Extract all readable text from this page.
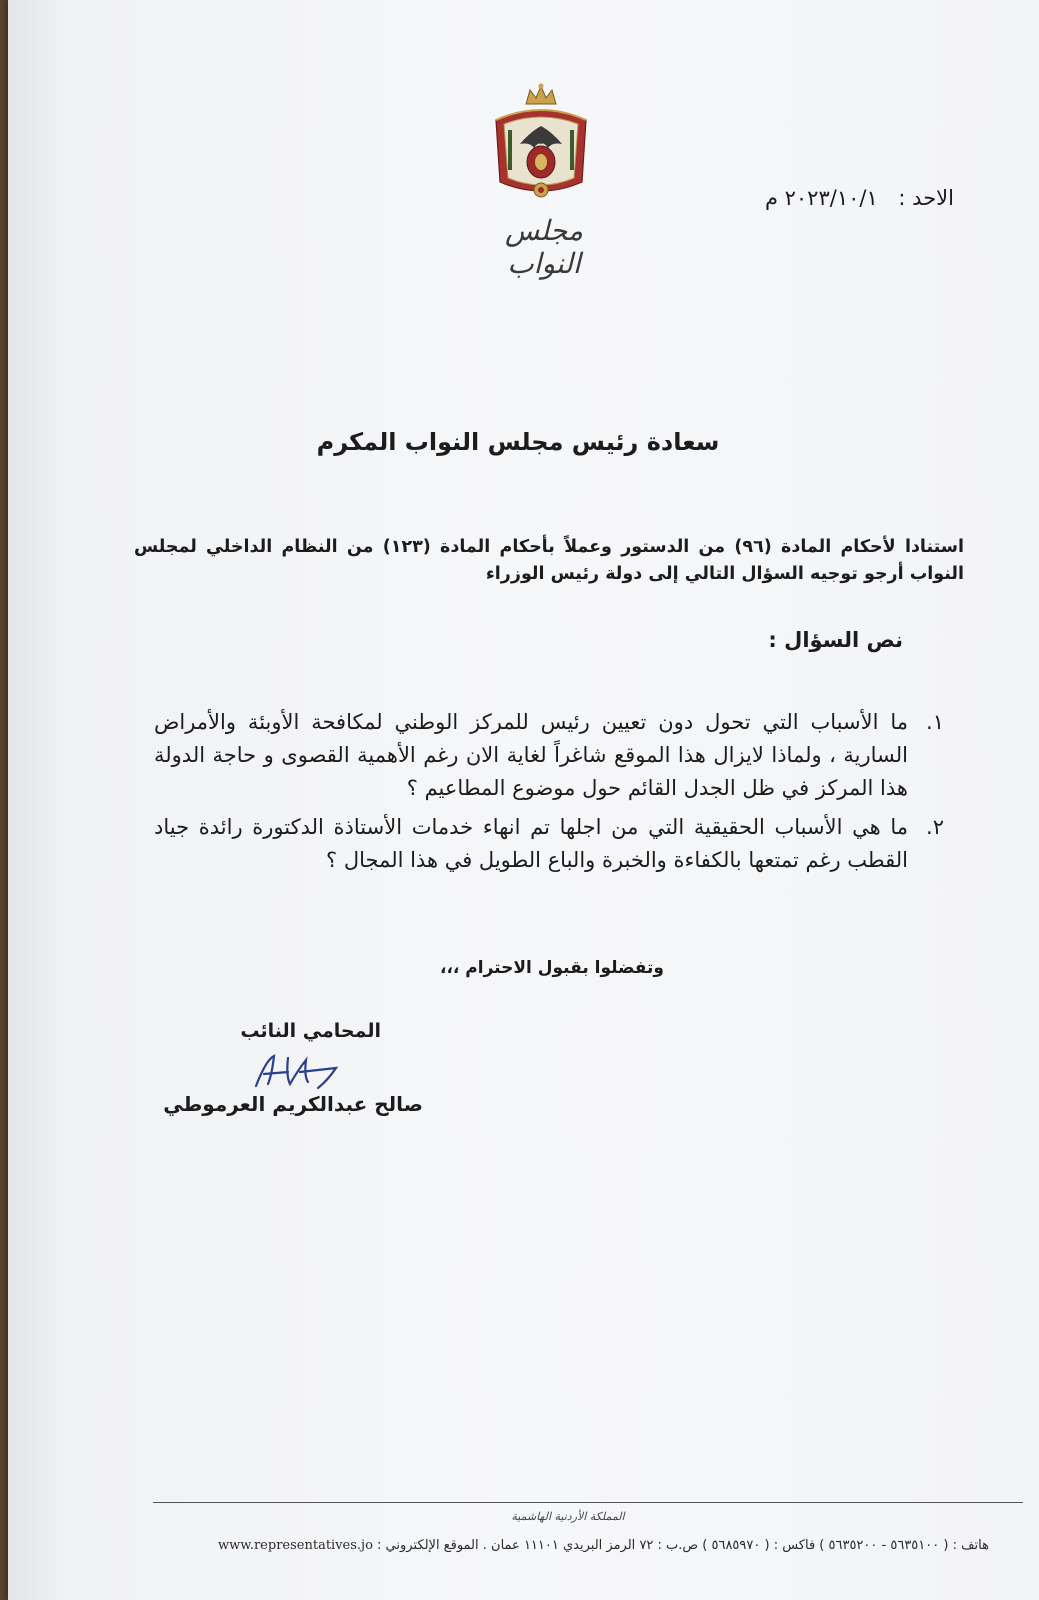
مجلس النواب
الاحد : ٢٠٢٣/١٠/١ م
سعادة رئيس مجلس النواب المكرم
استنادا لأحكام المادة (٩٦) من الدستور وعملاً بأحكام المادة (١٢٣) من النظام الداخلي لمجلس النواب أرجو توجيه السؤال التالي إلى دولة رئيس الوزراء
نص السؤال :
١.
ما الأسباب التي تحول دون تعيين رئيس للمركز الوطني لمكافحة الأوبئة والأمراض السارية ، ولماذا لايزال هذا الموقع شاغراً لغاية الان رغم الأهمية القصوى و حاجة الدولة هذا المركز في ظل الجدل القائم حول موضوع المطاعيم ؟
٢.
ما هي الأسباب الحقيقية التي من اجلها تم انهاء خدمات الأستاذة الدكتورة رائدة جياد القطب رغم تمتعها بالكفاءة والخبرة والباع الطويل في هذا المجال ؟
وتفضلوا بقبول الاحترام ،،،
المحامي النائب
صالح عبدالكريم العرموطي
المملكة الأردنية الهاشمية
هاتف : ( ٥٦٣٥١٠٠ - ٥٦٣٥٢٠٠ ) فاكس : ( ٥٦٨٥٩٧٠ ) ص.ب : ٧٢ الرمز البريدي ١١١٠١ عمان . الموقع الإلكتروني : www.representatives.jo
